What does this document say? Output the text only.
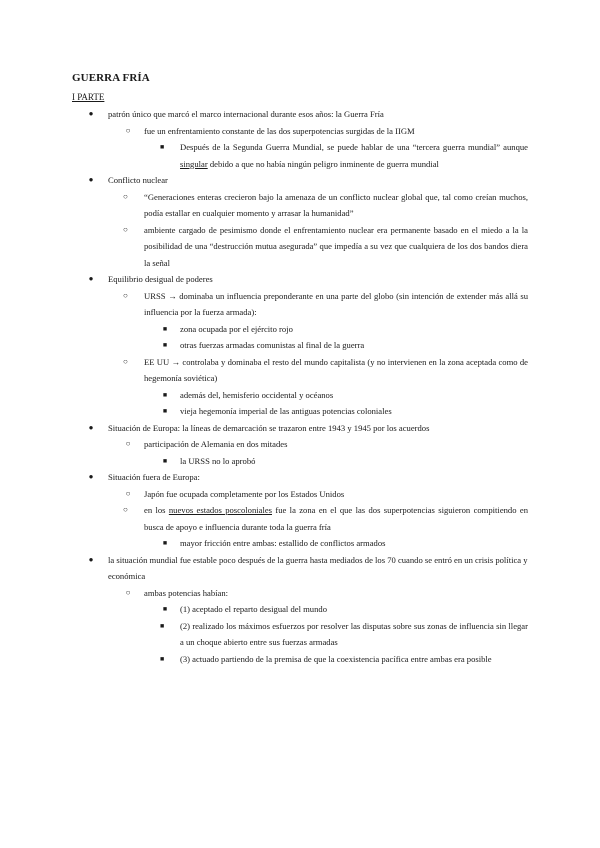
GUERRA FRÍA
I PARTE
● patrón único que marcó el marco internacional durante esos años: la Guerra Fría
○ fue un enfrentamiento constante de las dos superpotencias surgidas de la IIGM
■	Después de la Segunda Guerra Mundial, se puede hablar de una “tercera guerra mundial” aunque singular debido a que no había ningún peligro inminente de guerra mundial
● Conflicto nuclear
○	“Generaciones enteras crecieron bajo la amenaza de un conflicto nuclear global que, tal como creían muchos, podía estallar en cualquier momento y arrasar la humanidad”
○	ambiente cargado de pesimismo donde el enfrentamiento nuclear era permanente basado en el miedo a la la posibilidad de una “destrucción mutua asegurada” que impedía a su vez que cualquiera de los dos bandos diera la señal
● Equilibrio desigual de poderes
○	URSS → dominaba un influencia preponderante en una parte del globo (sin intención de extender más allá su influencia por la fuerza armada):
■	zona ocupada por el ejército rojo
■	otras fuerzas armadas comunistas al final de la guerra
○	EE UU → controlaba y dominaba el resto del mundo capitalista (y no intervienen en la zona aceptada como de hegemonía soviética)
■	además del, hemisferio occidental y océanos
■	vieja hegemonía imperial de las antiguas potencias coloniales
● Situación de Europa: la líneas de demarcación se trazaron entre 1943 y 1945 por los acuerdos
○ participación de Alemania en dos mitades
■	la URSS no lo aprobó
● Situación fuera de Europa:
○ Japón fue ocupada completamente por los Estados Unidos
○	en los nuevos estados poscoloniales fue la zona en el que las dos superpotencias siguieron compitiendo en busca de apoyo e influencia durante toda la guerra fría
■	mayor fricción entre ambas: estallido de conflictos armados
● la situación mundial fue estable poco después de la guerra hasta mediados de los 70 cuando se entró en un crisis política y económica
○ ambas potencias habían:
■	(1) aceptado el reparto desigual del mundo
■	(2) realizado los máximos esfuerzos por resolver las disputas sobre sus zonas de influencia sin llegar a un choque abierto entre sus fuerzas armadas
■	(3) actuado partiendo de la premisa de que la coexistencia pacífica entre ambas era posible
